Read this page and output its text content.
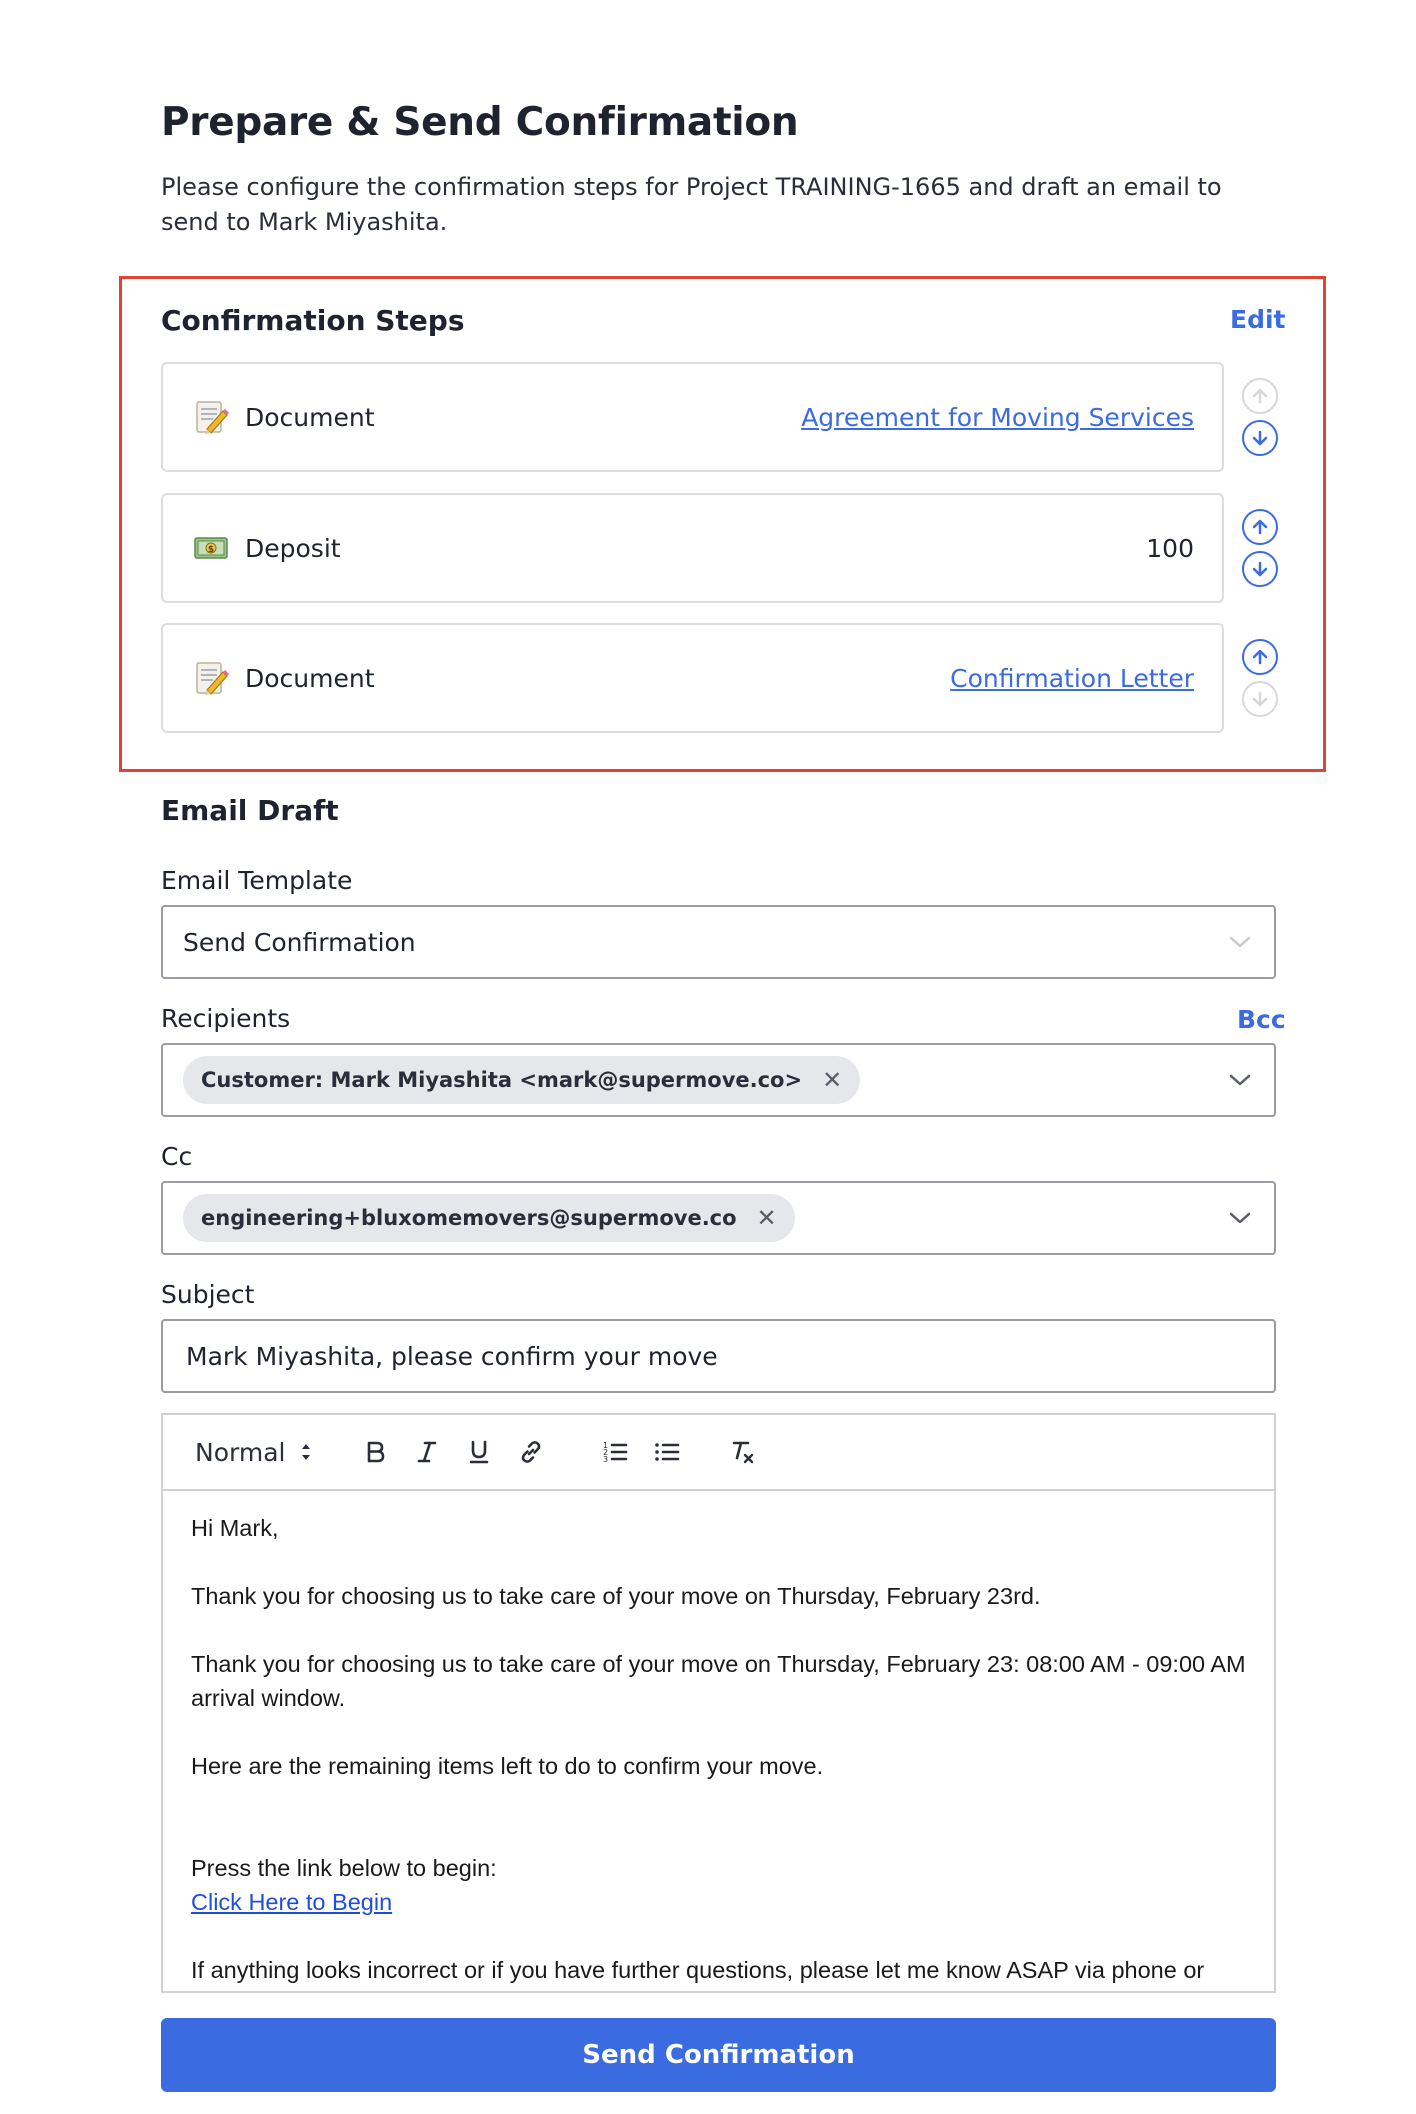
Prepare & Send Confirmation
Please configure the confirmation steps for Project TRAINING-1665 and draft an email to send to Mark Miyashita.
Confirmation Steps	Edit
Document	Agreement for Moving Services
$ Deposit	100
Document	Confirmation Letter
Email Draft
Email Template
Send Confirmation
Recipients	Bcc
Customer: Mark Miyashita <mark@supermove.co> ✕
Cc
engineering+bluxomemovers@supermove.co ✕
Subject
Mark Miyashita, please confirm your move
Normal	1
2
3

Hi Mark,

Thank you for choosing us to take care of your move on Thursday, February 23rd.

Thank you for choosing us to take care of your move on Thursday, February 23: 08:00 AM - 09:00 AM arrival window.

Here are the remaining items left to do to confirm your move.

Press the link below to begin:

Click Here to Begin

If anything looks incorrect or if you have further questions, please let me know ASAP via phone or

Send Confirmation
